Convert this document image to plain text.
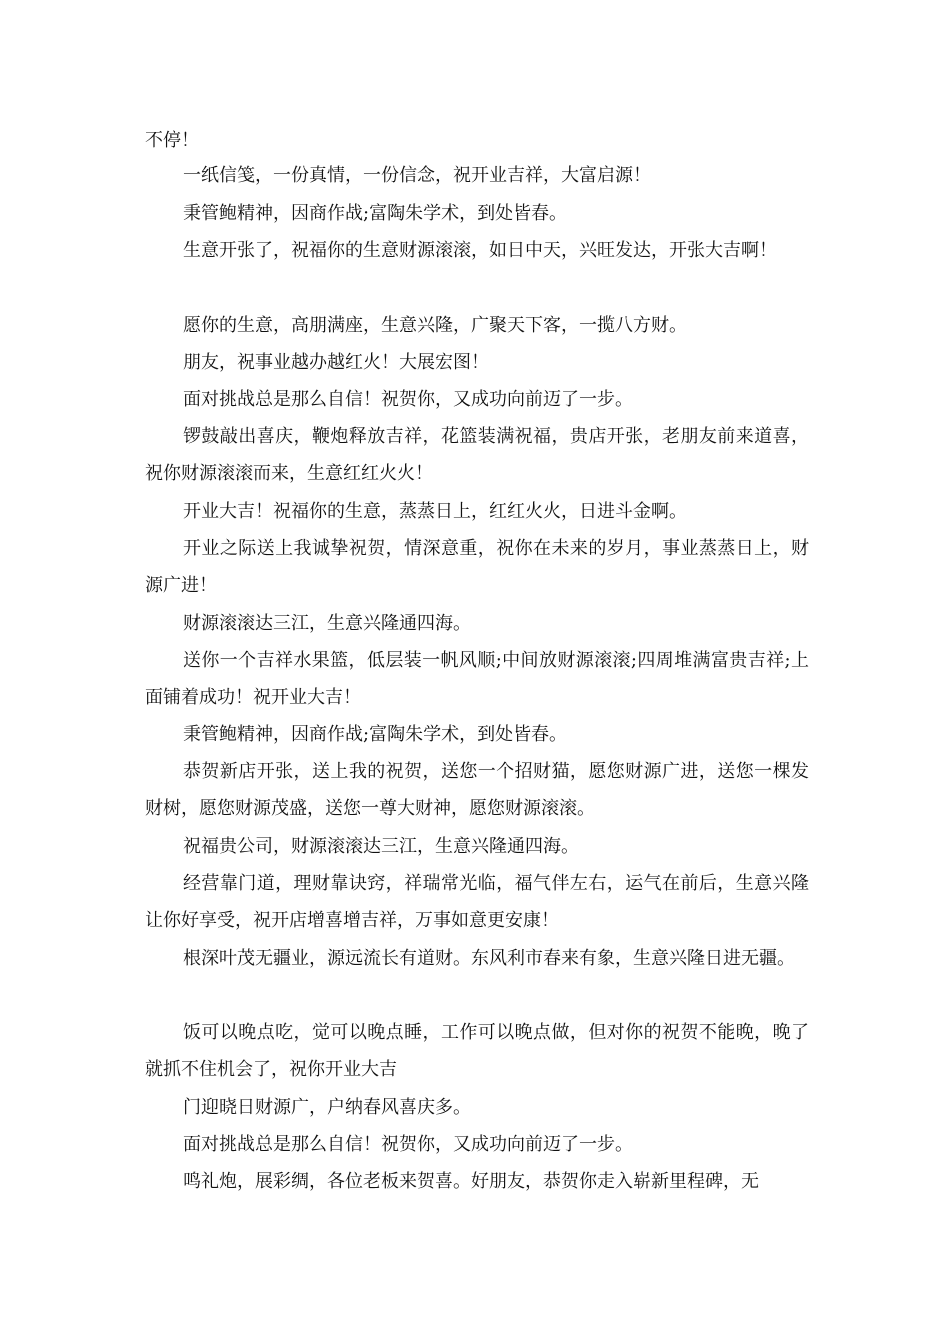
不停！

一纸信笺，一份真情，一份信念，祝开业吉祥，大富启源！

秉管鲍精神，因商作战;富陶朱学术，到处皆春。

生意开张了，祝福你的生意财源滚滚，如日中天，兴旺发达，开张大吉啊！

愿你的生意，高朋满座，生意兴隆，广聚天下客，一揽八方财。

朋友，祝事业越办越红火！大展宏图！

面对挑战总是那么自信！祝贺你，又成功向前迈了一步。

锣鼓敲出喜庆，鞭炮释放吉祥，花篮装满祝福，贵店开张，老朋友前来道喜，祝你财源滚滚而来，生意红红火火！

开业大吉！祝福你的生意，蒸蒸日上，红红火火，日进斗金啊。

开业之际送上我诚挚祝贺，情深意重，祝你在未来的岁月，事业蒸蒸日上，财源广进！

财源滚滚达三江，生意兴隆通四海。

送你一个吉祥水果篮，低层装一帆风顺;中间放财源滚滚;四周堆满富贵吉祥;上面铺着成功！祝开业大吉！

秉管鲍精神，因商作战;富陶朱学术，到处皆春。

恭贺新店开张，送上我的祝贺，送您一个招财猫，愿您财源广进，送您一棵发财树，愿您财源茂盛，送您一尊大财神，愿您财源滚滚。

祝福贵公司，财源滚滚达三江，生意兴隆通四海。

经营靠门道，理财靠诀窍，祥瑞常光临，福气伴左右，运气在前后，生意兴隆让你好享受，祝开店增喜增吉祥，万事如意更安康！

根深叶茂无疆业，源远流长有道财。东风利市春来有象，生意兴隆日进无疆。

饭可以晚点吃，觉可以晚点睡，工作可以晚点做，但对你的祝贺不能晚，晚了就抓不住机会了，祝你开业大吉

门迎晓日财源广，户纳春风喜庆多。

面对挑战总是那么自信！祝贺你，又成功向前迈了一步。

鸣礼炮，展彩绸，各位老板来贺喜。好朋友，恭贺你走入崭新里程碑，无
